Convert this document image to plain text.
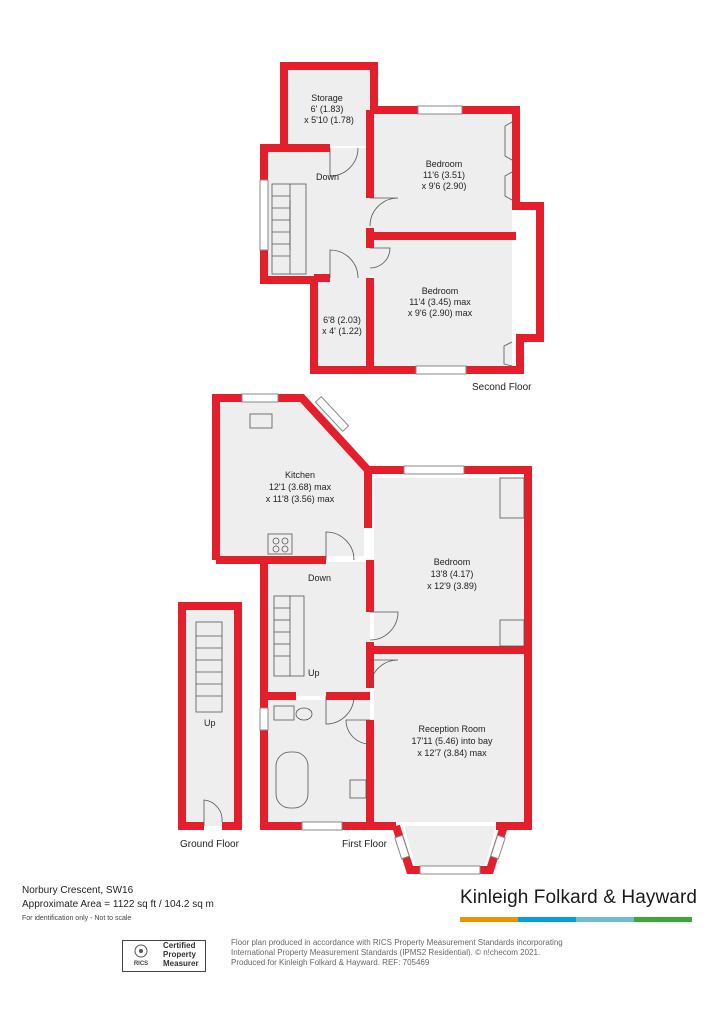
Storage
6' (1.83)
x 5'10 (1.78)
Bedroom
11'6 (3.51)
x 9'6 (2.90)
Bedroom
11'4 (3.45) max
x 9'6 (2.90) max
6'8 (2.03)
x 4' (1.22)
Down
Second Floor
Kitchen
12'1 (3.68) max
x 11'8 (3.56) max
Bedroom
13'8 (4.17)
x 12'9 (3.89)
Reception Room
17'11 (5.46) into bay
x 12'7 (3.84) max
Down
Up
First Floor
Up
Ground Floor
Norbury Crescent, SW16
Approximate Area = 1122 sq ft / 104.2 sq m
For identification only - Not to scale
Kinleigh Folkard & Hayward
RICS
Certified
Property
Measurer
Floor plan produced in accordance with RICS Property Measurement Standards incorporating
International Property Measurement Standards (IPMS2 Residential). © n!checom 2021.
Produced for Kinleigh Folkard & Hayward. REF: 705469
